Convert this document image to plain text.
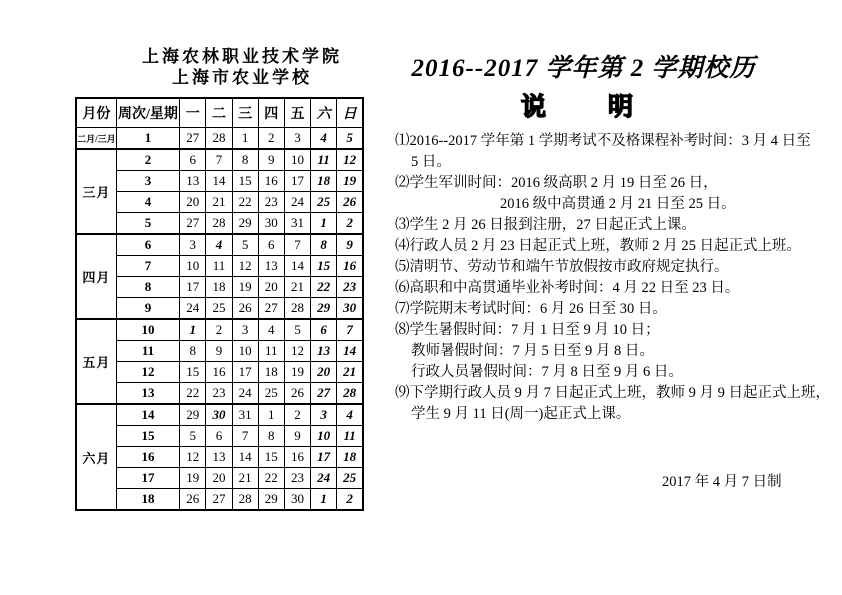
上海农林职业技术学院
上海市农业学校
月份	周次/星期	一	二	三	四	五	六	日
二月/三月	1	27	28	1	2	3	4	5
三月	2	6	7	8	9	10	11	12
	3	13	14	15	16	17	18	19
	4	20	21	22	23	24	25	26
	5	27	28	29	30	31	1	2
四月	6	3	4	5	6	7	8	9
	7	10	11	12	13	14	15	16
	8	17	18	19	20	21	22	23
	9	24	25	26	27	28	29	30
五月	10	1	2	3	4	5	6	7
	11	8	9	10	11	12	13	14
	12	15	16	17	18	19	20	21
	13	22	23	24	25	26	27	28
六月	14	29	30	31	1	2	3	4
	15	5	6	7	8	9	10	11
	16	12	13	14	15	16	17	18
	17	19	20	21	22	23	24	25
	18	26	27	28	29	30	1	2
2016--2017 学年第 2 学期校历
说 明
⑴2016--2017 学年第 1 学期考试不及格课程补考时间：3 月 4 日至
5 日。
⑵学生军训时间：2016 级高职 2 月 19 日至 26 日，
2016 级中高贯通 2 月 21 日至 25 日。
⑶学生 2 月 26 日报到注册，27 日起正式上课。
⑷行政人员 2 月 23 日起正式上班，教师 2 月 25 日起正式上班。
⑸清明节、劳动节和端午节放假按市政府规定执行。
⑹高职和中高贯通毕业补考时间：4 月 22 日至 23 日。
⑺学院期末考试时间：6 月 26 日至 30 日。
⑻学生暑假时间：7 月 1 日至 9 月 10 日；
教师暑假时间：7 月 5 日至 9 月 8 日。
行政人员暑假时间：7 月 8 日至 9 月 6 日。
⑼下学期行政人员 9 月 7 日起正式上班，教师 9 月 9 日起正式上班，
学生 9 月 11 日(周一)起正式上课。
2017 年 4 月 7 日制
